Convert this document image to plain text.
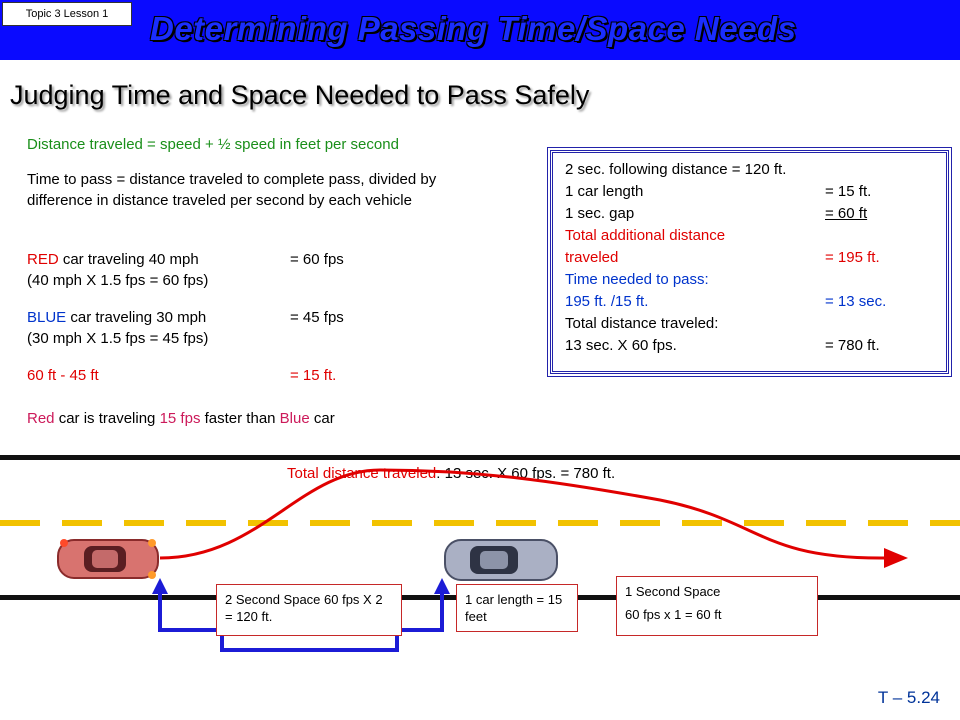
Determining Passing Time/Space Needs
Topic 3 Lesson 1
Judging Time and Space Needed to Pass Safely
Distance traveled = speed + ½ speed in feet per second
Time to pass = distance traveled to complete pass, divided by difference in distance traveled per second by each vehicle
RED car traveling 40 mph	= 60 fps
(40 mph X 1.5 fps = 60 fps)
BLUE car traveling 30 mph	= 45 fps
(30 mph X 1.5 fps = 45 fps)
60 ft - 45 ft	= 15 ft.
Red car is traveling 15 fps faster than Blue car
2 sec. following distance = 120 ft.
1 car length	= 15 ft.
1 sec. gap	= 60 ft
Total additional distance
traveled	= 195 ft.
Time needed to pass:
195 ft. /15 ft.	= 13 sec.
Total distance traveled:
13 sec. X 60 fps.	= 780 ft.
Total distance traveled: 13 sec. X 60 fps. = 780 ft.
2 Second Space 60 fps X 2 = 120 ft.
1 car length = 15 feet
1 Second Space
60 fps x 1 = 60 ft
T – 5.24
